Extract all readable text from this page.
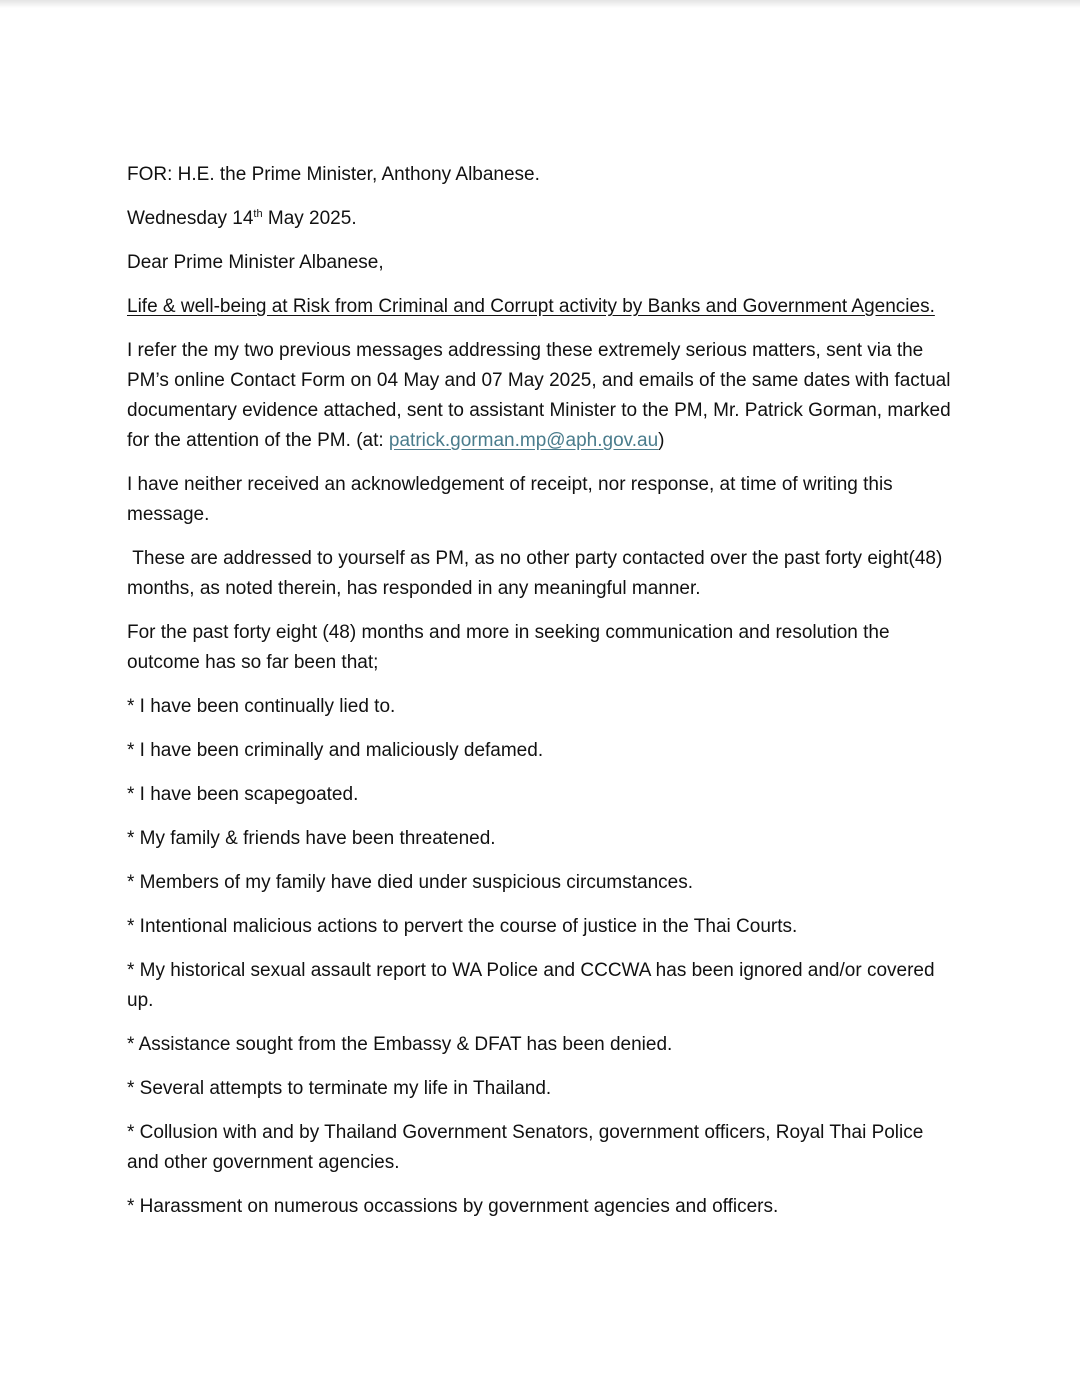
FOR: H.E. the Prime Minister, Anthony Albanese.

Wednesday 14th May 2025.

Dear Prime Minister Albanese,

Life & well-being at Risk from Criminal and Corrupt activity by Banks and Government Agencies.

I refer the my two previous messages addressing these extremely serious matters, sent via the PM’s online Contact Form on 04 May and 07 May 2025, and emails of the same dates with factual documentary evidence attached, sent to assistant Minister to the PM, Mr. Patrick Gorman, marked for the attention of the PM. (at: patrick.gorman.mp@aph.gov.au)

I have neither received an acknowledgement of receipt, nor response, at time of writing this message.

These are addressed to yourself as PM, as no other party contacted over the past forty eight(48) months, as noted therein, has responded in any meaningful manner.

For the past forty eight (48) months and more in seeking communication and resolution the outcome has so far been that;

* I have been continually lied to.

* I have been criminally and maliciously defamed.

* I have been scapegoated.

* My family & friends have been threatened.

* Members of my family have died under suspicious circumstances.

* Intentional malicious actions to pervert the course of justice in the Thai Courts.

* My historical sexual assault report to WA Police and CCCWA has been ignored and/or covered up.

* Assistance sought from the Embassy & DFAT has been denied.

* Several attempts to terminate my life in Thailand.

* Collusion with and by Thailand Government Senators, government officers, Royal Thai Police and other government agencies.

* Harassment on numerous occassions by government agencies and officers.
